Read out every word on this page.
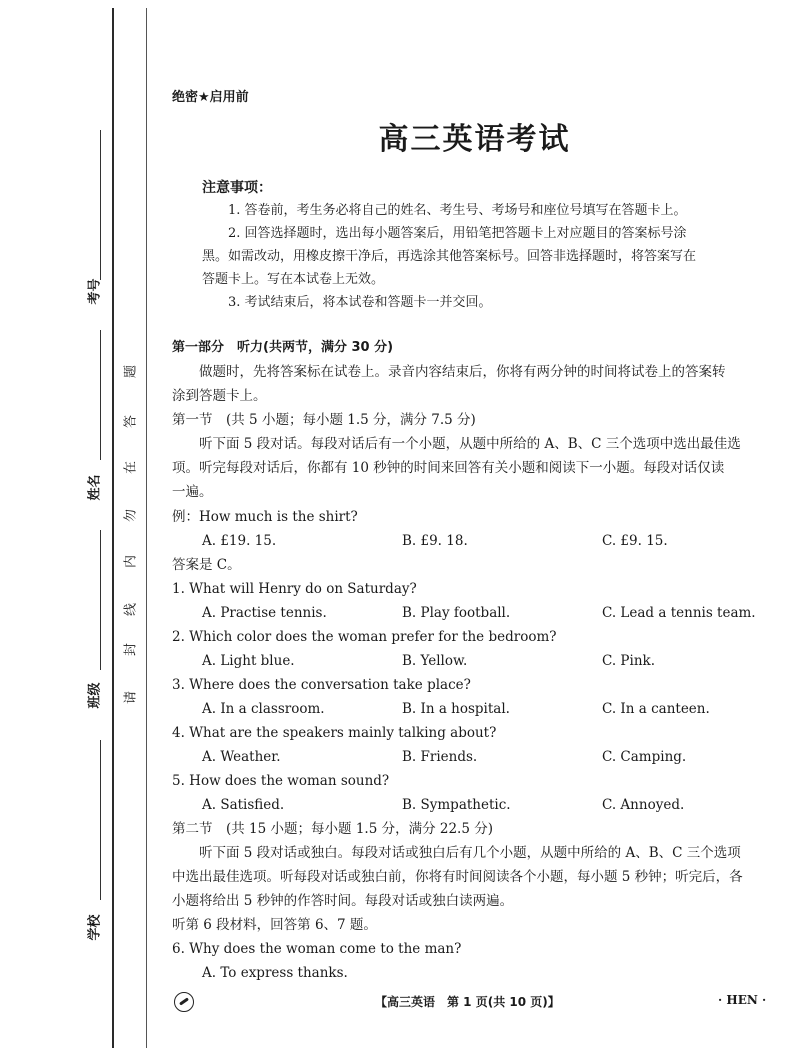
考号
姓名
班级
学校
请
封
线
内
勿
在
答
题
绝密★启用前
高三英语考试
注意事项：

1. 答卷前，考生务必将自己的姓名、考生号、考场号和座位号填写在答题卡上。

2. 回答选择题时，选出每小题答案后，用铅笔把答题卡上对应题目的答案标号涂

黑。如需改动，用橡皮擦干净后，再选涂其他答案标号。回答非选择题时，将答案写在

答题卡上。写在本试卷上无效。

3. 考试结束后，将本试卷和答题卡一并交回。

第一部分　听力(共两节，满分 30 分)

做题时，先将答案标在试卷上。录音内容结束后，你将有两分钟的时间将试卷上的答案转

涂到答题卡上。

第一节　(共 5 小题；每小题 1.5 分，满分 7.5 分)

听下面 5 段对话。每段对话后有一个小题，从题中所给的 A、B、C 三个选项中选出最佳选

项。听完每段对话后，你都有 10 秒钟的时间来回答有关小题和阅读下一小题。每段对话仅读

一遍。

例：How much is the shirt?

A. £19. 15.	B. £9. 18.	C. £9. 15.

答案是 C。

1. What will Henry do on Saturday?

A. Practise tennis.	B. Play football.	C. Lead a tennis team.

2. Which color does the woman prefer for the bedroom?

A. Light blue.	B. Yellow.	C. Pink.

3. Where does the conversation take place?

A. In a classroom.	B. In a hospital.	C. In a canteen.

4. What are the speakers mainly talking about?

A. Weather.	B. Friends.	C. Camping.

5. How does the woman sound?

A. Satisfied.	B. Sympathetic.	C. Annoyed.

第二节　(共 15 小题；每小题 1.5 分，满分 22.5 分)

听下面 5 段对话或独白。每段对话或独白后有几个小题，从题中所给的 A、B、C 三个选项

中选出最佳选项。听每段对话或独白前，你将有时间阅读各个小题，每小题 5 秒钟；听完后，各

小题将给出 5 秒钟的作答时间。每段对话或独白读两遍。

听第 6 段材料，回答第 6、7 题。

6. Why does the woman come to the man?

A. To express thanks.
【高三英语　第 1 页(共 10 页)】	· HEN ·
